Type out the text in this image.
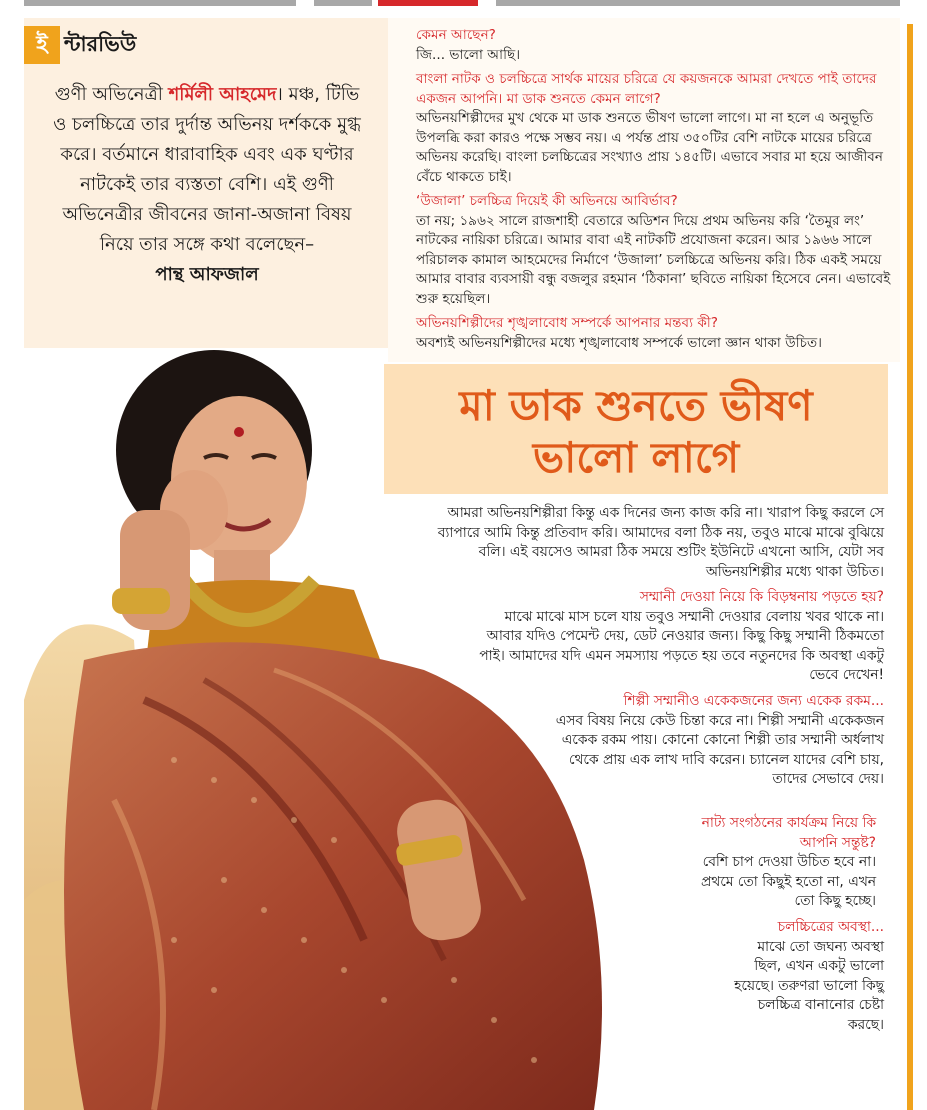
ই ন্টারভিউ
গুণী অভিনেত্রী শর্মিলী আহমেদ। মঞ্চ, টিভি ও চলচ্চিত্রে তার দুর্দান্ত অভিনয় দর্শককে মুগ্ধ করে। বর্তমানে ধারাবাহিক এবং এক ঘণ্টার নাটকেই তার ব্যস্ততা বেশি। এই গুণী অভিনেত্রীর জীবনের জানা-অজানা বিষয় নিয়ে তার সঙ্গে কথা বলেছেন–
পান্থ আফজাল
কেমন আছেন?
জি... ভালো আছি।
বাংলা নাটক ও চলচ্চিত্রে সার্থক মায়ের চরিত্রে যে কয়জনকে আমরা দেখতে পাই তাদের একজন আপনি। মা ডাক শুনতে কেমন লাগে?
অভিনয়শিল্পীদের মুখ থেকে মা ডাক শুনতে ভীষণ ভালো লাগে। মা না হলে এ অনুভূতি উপলব্ধি করা কারও পক্ষে সম্ভব নয়। এ পর্যন্ত প্রায় ৩৫০টির বেশি নাটকে মায়ের চরিত্রে অভিনয় করেছি। বাংলা চলচ্চিত্রের সংখ্যাও প্রায় ১৪৫টি। এভাবে সবার মা হয়ে আজীবন বেঁচে থাকতে চাই।
‘উজালা’ চলচ্চিত্র দিয়েই কী অভিনয়ে আবির্ভাব?
তা নয়; ১৯৬২ সালে রাজশাহী বেতারে অডিশন দিয়ে প্রথম অভিনয় করি ‘তৈমুর লং’ নাটকের নায়িকা চরিত্রে। আমার বাবা এই নাটকটি প্রযোজনা করেন। আর ১৯৬৬ সালে পরিচালক কামাল আহমেদের নির্মাণে ‘উজালা’ চলচ্চিত্রে অভিনয় করি। ঠিক একই সময়ে আমার বাবার ব্যবসায়ী বন্ধু বজলুর রহমান ‘ঠিকানা’ ছবিতে নায়িকা হিসেবে নেন। এভাবেই শুরু হয়েছিল।
অভিনয়শিল্পীদের শৃঙ্খলাবোধ সম্পর্কে আপনার মন্তব্য কী?
অবশ্যই অভিনয়শিল্পীদের মধ্যে শৃঙ্খলাবোধ সম্পর্কে ভালো জ্ঞান থাকা উচিত।
মা ডাক শুনতে ভীষণ
ভালো লাগে
আমরা অভিনয়শিল্পীরা কিন্তু এক দিনের জন্য কাজ করি না। খারাপ কিছু করলে সে ব্যাপারে আমি কিন্তু প্রতিবাদ করি। আমাদের বলা ঠিক নয়, তবুও মাঝে মাঝে বুঝিয়ে বলি। এই বয়সেও আমরা ঠিক সময়ে শুটিং ইউনিটে এখনো আসি, যেটা সব অভিনয়শিল্পীর মধ্যে থাকা উচিত।
সম্মানী দেওয়া নিয়ে কি বিড়ম্বনায় পড়তে হয়?
মাঝে মাঝে মাস চলে যায় তবুও সম্মানী দেওয়ার বেলায় খবর থাকে না। আবার যদিও পেমেন্ট দেয়, ডেট নেওয়ার জন্য। কিছু কিছু সম্মানী ঠিকমতো পাই। আমাদের যদি এমন সমস্যায় পড়তে হয় তবে নতুনদের কি অবস্থা একটু ভেবে দেখেন!
শিল্পী সম্মানীও একেকজনের জন্য একেক রকম...
এসব বিষয় নিয়ে কেউ চিন্তা করে না। শিল্পী সম্মানী একেকজন একেক রকম পায়। কোনো কোনো শিল্পী তার সম্মানী অর্ধলাখ থেকে প্রায় এক লাখ দাবি করেন। চ্যানেল যাদের বেশি চায়, তাদের সেভাবে দেয়।
নাট্য সংগঠনের কার্যক্রম নিয়ে কি আপনি সন্তুষ্ট?
বেশি চাপ দেওয়া উচিত হবে না। প্রথমে তো কিছুই হতো না, এখন তো কিছু হচ্ছে।
চলচ্চিত্রের অবস্থা...
মাঝে তো জঘন্য অবস্থা ছিল, এখন একটু ভালো হয়েছে। তরুণরা ভালো কিছু চলচ্চিত্র বানানোর চেষ্টা করছে।
